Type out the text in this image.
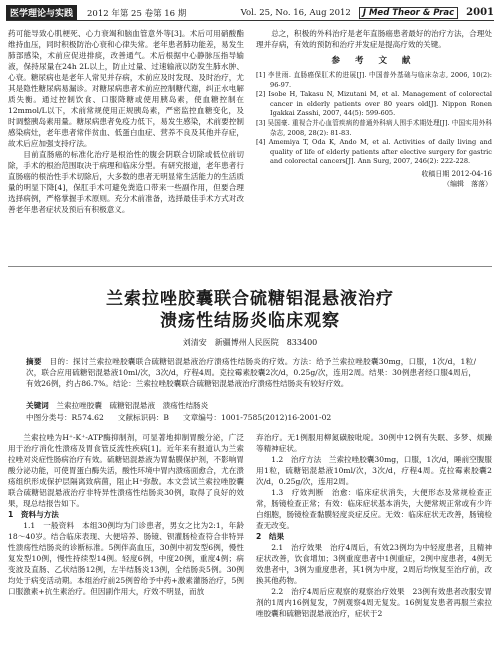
医学理论与实践	2012 年第 25 卷第 16 期	Vol. 25, No. 16, Aug 2012	J Med Theor & Prac	2001

药可能导致心肌梗死、心力衰竭和脑血管意外等[3]。术后可用硝酸酯维持血压，同时积极防治心衰和心律失常。老年患者肺功能差，易发生肺部感染，术前应促进排痰，改善通气。术后根据中心静脉压指导输液，保持尿量在24h 2L以上，防止过量、过速输液以防发生肺水肿、心衰。糖尿病也是老年人常见并存病，术前应及时发现、及时治疗，尤其是隐性糖尿病易漏诊。对糖尿病患者术前应控制糖代谢，纠正水电解质失衡。通过控制饮食、口服降糖或使用胰岛素，使血糖控制在12mmol/L以下，术前常规使用正规胰岛素，严密监控血糖变化，及时调整胰岛素用量。糖尿病患者免疫力低下，易发生感染，术前要控制感染病灶，老年患者常伴贫血、低蛋白血症、营养不良及其他并存症，故术后应加强支持疗法。

目前直肠癌的标准化治疗是根治性的腹会阴联合切除或低位前切除，手术的根治范围取决于病理和临床分型。有研究报道，老年患者行直肠癌的根治性手术切除后，大多数的患者无明显常生活能力的生活质量的明显下降[4]，保肛手术可避免粪造口带来一些副作用，但要合理选择病例，严格掌握手术原则。充分术前准备，选择最佳手术方式对改善老年患者症状及预后有积极意义。

总之，积极的外科治疗是老年直肠癌患者最好的治疗方法，合理处理并存病，有效的预防和治疗并发症是提高疗效的关键。

参 考 文 献
[1] 李世雨. 直肠癌保肛术的进展[J]. 中国普外基础与临床杂志, 2006, 10(2): 96-97.
[2] Isobe H, Takasu N, Mizutani M, et al. Management of colorectal cancer in elderly patients over 80 years old[J]. Nippon Ronen Igakkai Zasshi, 2007, 44(5): 599-605.
[3] 吴国豪. 重视合并心血管疾病的普通外科病人围手术期处理[J]. 中国实用外科杂志, 2008, 28(2): 81-83.
[4] Amemiya T, Oda K, Ando M, et al. Activities of daily living and quality of life of elderly patients after elective surgery for gastric and colorectal cancers[J]. Ann Surg, 2007, 246(2): 222-228.
收稿日期 2012-04-16
（编辑　落落）
兰索拉唑胶囊联合硫糖铝混悬液治疗
溃疡性结肠炎临床观察
刘清安　新疆博州人民医院　833400
摘要　 目的：探讨兰索拉唑胶囊联合硫糖铝混悬液治疗溃疡性结肠炎的疗效。方法：给予兰索拉唑胶囊30mg，口服，1次/d，1粒/次，联合应用硫糖铝混悬液10ml/次，3次/d，疗程4周。克拉霉素胶囊2次/d，0.25g/次，连用2周。结果：30例患者经口服4周后，有效26例，约占86.7%。结论：兰索拉唑胶囊联合硫糖铝混悬液治疗溃疡性结肠炎有较好疗效。
关键词　 兰索拉唑胶囊　硫糖铝混悬液　溃疡性结肠炎
中图分类号：R574.62 文献标识码：B 文章编号：1001-7585(2012)16-2001-02

兰索拉唑为H⁺-K⁺-ATP酶抑制剂，可显著地抑制胃酸分泌，广泛用于治疗消化性溃疡及胃食管反流性疾病[1]。近年来有报道认为兰索拉唑对炎症性肠病治疗有效。硫糖铝混悬液为胃黏膜保护剂，不影响胃酸分泌功能，可使胃蛋白酶失活，酸性环境中胃内溃疡面愈合，尤在溃疡组织形成保护层隔离致病菌，阻止H⁺弥散。本文尝试兰索拉唑胶囊联合硫糖铝混悬液治疗非特异性溃疡性结肠炎30例，取得了良好的效果，现总结报告如下。

1　资料与方法

1.1　一般资料　本组30例均为门诊患者，男女之比为2:1，年龄18～40岁。结合临床表现、大便培养、肠镜、钡灌肠检查符合非特异性溃疡性结肠炎的诊断标准。5例伴高血压，30例中初发型6例，慢性复发型10例，慢性持续型14例。轻度6例，中度20例，重度4例；病变波及直肠、乙状结肠12例，左半结肠炎13例，全结肠炎5例。30例均处于病变活动期。本组治疗前25例曾给予中药+激素灌肠治疗，5例口服激素+抗生素治疗。但因副作用大，疗效不明显，而放

弃治疗。无1例服用柳氮磺胺吡啶。30例中12例有失眠、多梦、烦躁等精神症状。

1.2　治疗方法　兰索拉唑胶囊30mg，口服，1次/d，睡前空腹服用1粒，硫糖铝混悬液10ml/次，3次/d，疗程4周。克拉霉素胶囊2次/d，0.25g/次，连用2周。

1.3　疗效判断　治愈：临床症状消失，大便形态及常规检查正常，肠镜检查正常；有效：临床症状基本消失，大便常规正常或有少许白细胞，肠镜检查黏膜轻度炎症反应。无效：临床症状无改善，肠镜检查无改变。

2　结果

2.1　治疗效果　治疗4周后，有效23例均为中轻度患者，且精神症状改善，饮食增加；3例重度患者中1例重症，2例中度患者，4例无效患者中，3例为重度患者，其1例为中度，2周后均恢复至治疗前，改换其他药物。

2.2　治疗4周后应观察的观察治疗效果　23例有效患者改服安胃剂的1周内16例复发，7例观察4周无复发。16例复发患者再服兰索拉唑胶囊和硫糖铝混悬液治疗，症状于2
